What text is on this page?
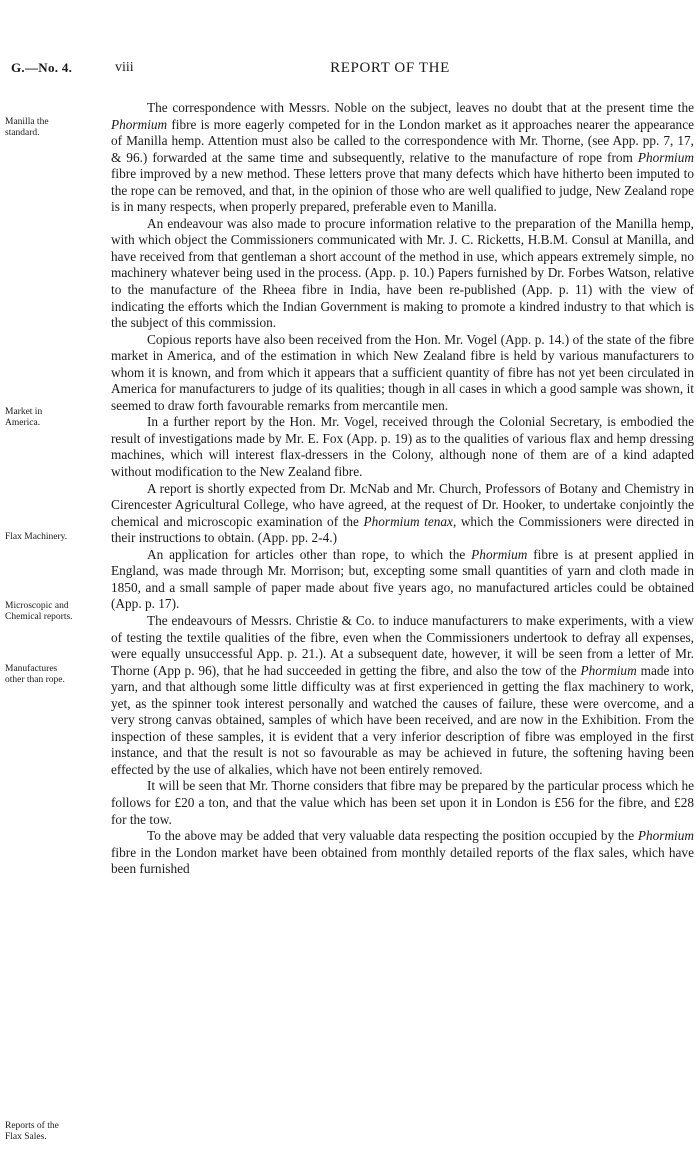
G.—No. 4.	viii	REPORT OF THE
Manilla the
standard.
Market in
America.
Flax Machinery.
Microscopic and
Chemical reports.
Manufactures
other than rope.
Reports of the
Flax Sales.

The correspondence with Messrs. Noble on the subject, leaves no doubt that at the present time the Phormium fibre is more eagerly competed for in the London market as it approaches nearer the appearance of Manilla hemp. Attention must also be called to the correspondence with Mr. Thorne, (see App. pp. 7, 17, & 96.) forwarded at the same time and subsequently, relative to the manufacture of rope from Phormium fibre improved by a new method. These letters prove that many defects which have hitherto been imputed to the rope can be removed, and that, in the opinion of those who are well qualified to judge, New Zealand rope is in many respects, when properly prepared, preferable even to Manilla.

An endeavour was also made to procure information relative to the preparation of the Manilla hemp, with which object the Commissioners communicated with Mr. J. C. Ricketts, H.B.M. Consul at Manilla, and have received from that gentleman a short account of the method in use, which appears extremely simple, no machinery whatever being used in the process. (App. p. 10.) Papers furnished by Dr. Forbes Watson, relative to the manufacture of the Rheea fibre in India, have been re-published (App. p. 11) with the view of indicating the efforts which the Indian Government is making to promote a kindred industry to that which is the subject of this commission.

Copious reports have also been received from the Hon. Mr. Vogel (App. p. 14.) of the state of the fibre market in America, and of the estimation in which New Zealand fibre is held by various manufacturers to whom it is known, and from which it appears that a sufficient quantity of fibre has not yet been circulated in America for manufacturers to judge of its qualities; though in all cases in which a good sample was shown, it seemed to draw forth favourable remarks from mercantile men.

In a further report by the Hon. Mr. Vogel, received through the Colonial Secretary, is embodied the result of investigations made by Mr. E. Fox (App. p. 19) as to the qualities of various flax and hemp dressing machines, which will interest flax-dressers in the Colony, although none of them are of a kind adapted without modification to the New Zealand fibre.

A report is shortly expected from Dr. McNab and Mr. Church, Professors of Botany and Chemistry in Cirencester Agricultural College, who have agreed, at the request of Dr. Hooker, to undertake conjointly the chemical and microscopic examination of the Phormium tenax, which the Commissioners were directed in their instructions to obtain. (App. pp. 2-4.)

An application for articles other than rope, to which the Phormium fibre is at present applied in England, was made through Mr. Morrison; but, excepting some small quantities of yarn and cloth made in 1850, and a small sample of paper made about five years ago, no manufactured articles could be obtained (App. p. 17).

The endeavours of Messrs. Christie & Co. to induce manufacturers to make experiments, with a view of testing the textile qualities of the fibre, even when the Commissioners undertook to defray all expenses, were equally unsuccessful App. p. 21.). At a subsequent date, however, it will be seen from a letter of Mr. Thorne (App p. 96), that he had succeeded in getting the fibre, and also the tow of the Phormium made into yarn, and that although some little difficulty was at first experienced in getting the flax machinery to work, yet, as the spinner took interest personally and watched the causes of failure, these were overcome, and a very strong canvas obtained, samples of which have been received, and are now in the Exhibition. From the inspection of these samples, it is evident that a very inferior description of fibre was employed in the first instance, and that the result is not so favourable as may be achieved in future, the softening having been effected by the use of alkalies, which have not been entirely removed.

It will be seen that Mr. Thorne considers that fibre may be prepared by the particular process which he follows for £20 a ton, and that the value which has been set upon it in London is £56 for the fibre, and £28 for the tow.

To the above may be added that very valuable data respecting the position occupied by the Phormium fibre in the London market have been obtained from monthly detailed reports of the flax sales, which have been furnished
